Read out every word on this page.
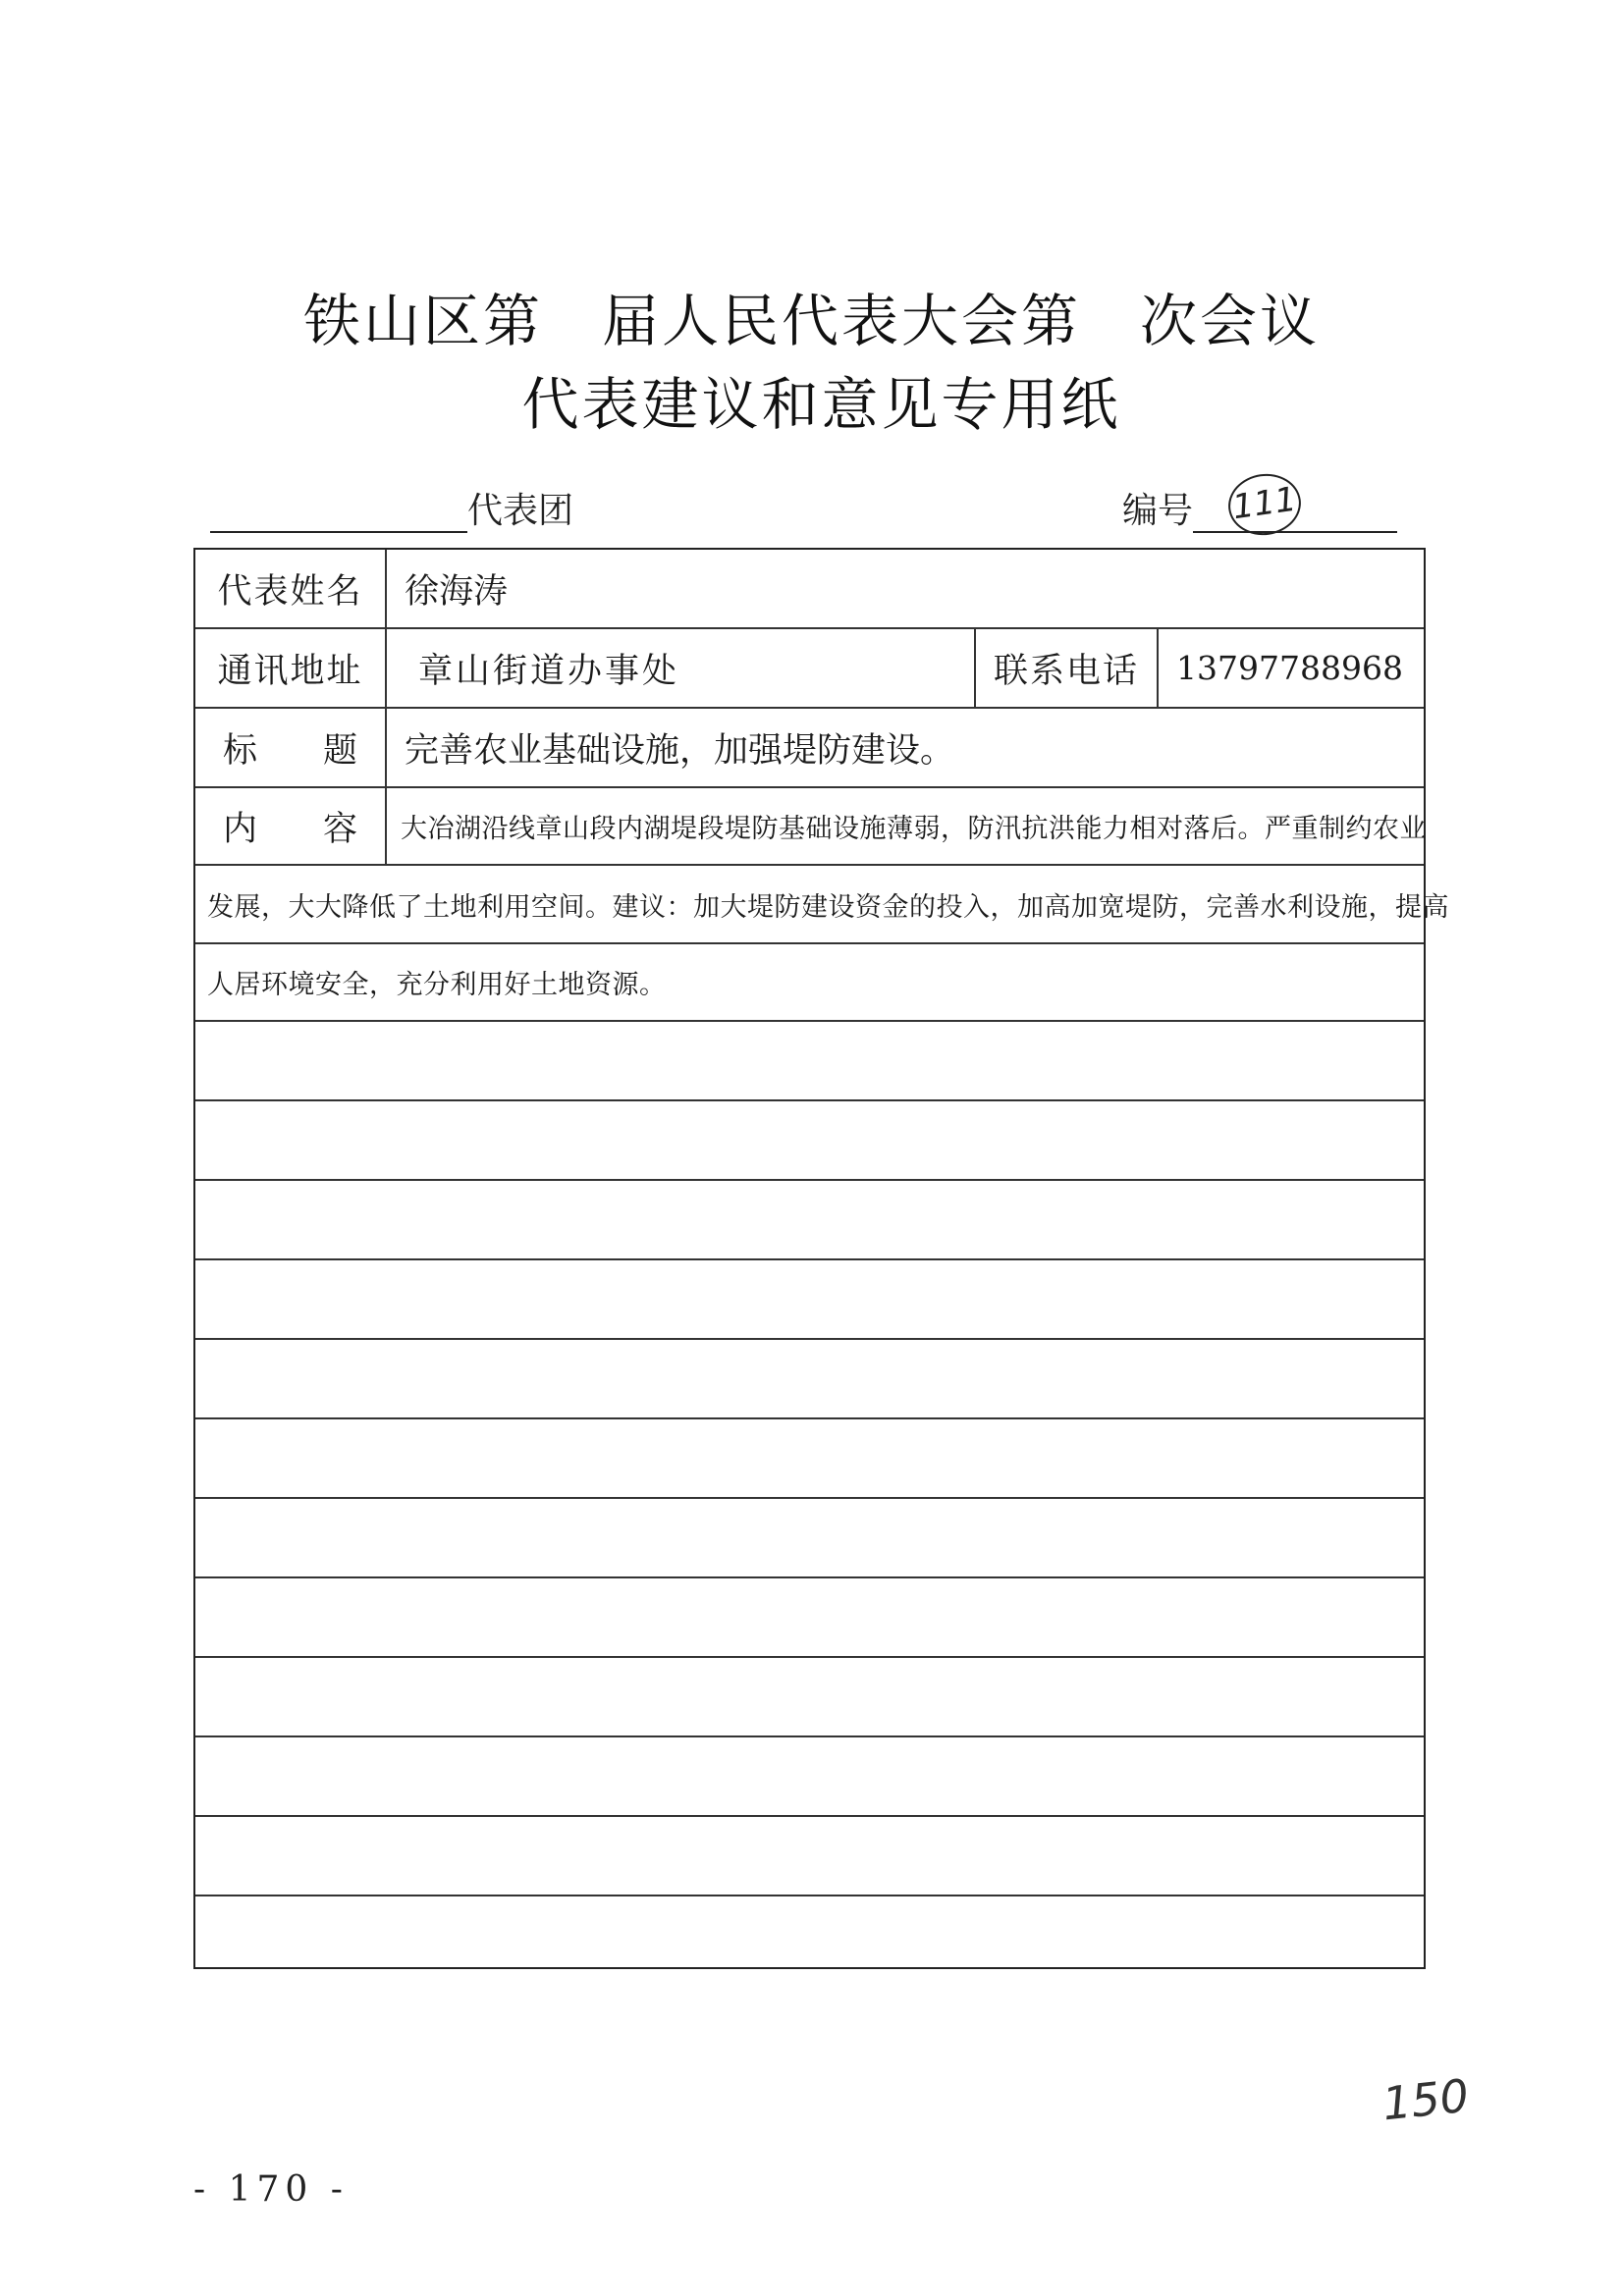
铁山区第 届人民代表大会第 次会议
代表建议和意见专用纸
代表团	编号 111
代表姓名	徐海涛
通讯地址	章山街道办事处	联系电话	13797788968
标 题	完善农业基础设施，加强堤防建设。
内 容	大冶湖沿线章山段内湖堤段堤防基础设施薄弱，防汛抗洪能力相对落后。严重制约农业
发展，大大降低了土地利用空间。建议：加大堤防建设资金的投入，加高加宽堤防，完善水利设施，提高
人居环境安全，充分利用好土地资源。
150
- 170 -
